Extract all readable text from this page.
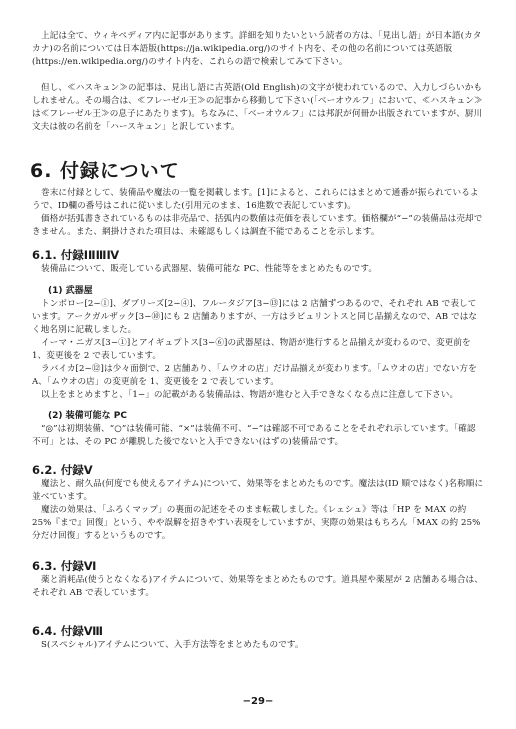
上記は全て、ウィキペディア内に記事があります。詳細を知りたいという読者の方は、「見出し語」が日本語(カタカナ)の名前については日本語版(https://ja.wikipedia.org/)のサイト内を、その他の名前については英語版(https://en.wikipedia.org/)のサイト内を、これらの語で検索してみて下さい。

但し、≪ハスキュン≫の記事は、見出し語に古英語(Old English)の文字が使われているので、入力しづらいかもしれません。その場合は、≪フレーゼル王≫の記事から移動して下さい(「ベーオウルフ」において、≪ハスキュン≫は≪フレーゼル王≫の息子にあたります)。ちなみに、「ベーオウルフ」には邦訳が何冊か出版されていますが、厨川文夫は彼の名前を「ハースキュン」と訳しています。

6. 付録について

巻末に付録として、装備品や魔法の一覧を掲載します。[1]によると、これらにはまとめて通番が振られているようで、ID欄の番号はこれに従いました(引用元のまま、16進数で表記しています)。

価格が括弧書きされているものは非売品で、括弧内の数値は売価を表しています。価格欄が“−”の装備品は売却できません。また、網掛けされた項目は、未確認もしくは調査不能であることを示します。

6.1. 付録ⅠⅡⅢⅣ

装備品について、販売している武器屋、装備可能な PC、性能等をまとめたものです。

(1) 武器屋

トンボロー[2−①]、ダブリーズ[2−④]、フルータジア[3−⑬]には 2 店舗ずつあるので、それぞれ AB で表しています。アークガルザック[3−⑩]にも 2 店舗ありますが、一方はラビュリントスと同じ品揃えなので、AB ではなく地名別に記載しました。

イーマ・ニガス[3−①]とアイギュプトス[3−⑥]の武器屋は、物語が進行すると品揃えが変わるので、変更前を 1、変更後を 2 で表しています。

ラバイカ[2−⑫]は少々面倒で、2 店舗あり、「ムウオの店」だけ品揃えが変わります。「ムウオの店」でない方を A、「ムウオの店」の変更前を 1、変更後を 2 で表しています。

以上をまとめますと、「1−」の記載がある装備品は、物語が進むと入手できなくなる点に注意して下さい。

(2) 装備可能な PC

“◎”は初期装備、“○”は装備可能、“×”は装備不可、“−”は確認不可であることをそれぞれ示しています。「確認不可」とは、その PC が離脱した後でないと入手できない(はずの)装備品です。

6.2. 付録Ⅴ

魔法と、耐久品(何度でも使えるアイテム)について、効果等をまとめたものです。魔法は(ID 順ではなく)名称順に並べています。

魔法の効果は、「ふろくマップ」の裏面の記述をそのまま転載しました。《レェシュ》等は「HP を MAX の約 25%『まで』回復」という、やや誤解を招きやすい表現をしていますが、実際の効果はもちろん「MAX の約 25%分だけ回復」するというものです。

6.3. 付録Ⅵ

薬と消耗品(使うとなくなる)アイテムについて、効果等をまとめたものです。道具屋や薬屋が 2 店舗ある場合は、それぞれ AB で表しています。

6.4. 付録Ⅷ

S(スペシャル)アイテムについて、入手方法等をまとめたものです。

−29−
